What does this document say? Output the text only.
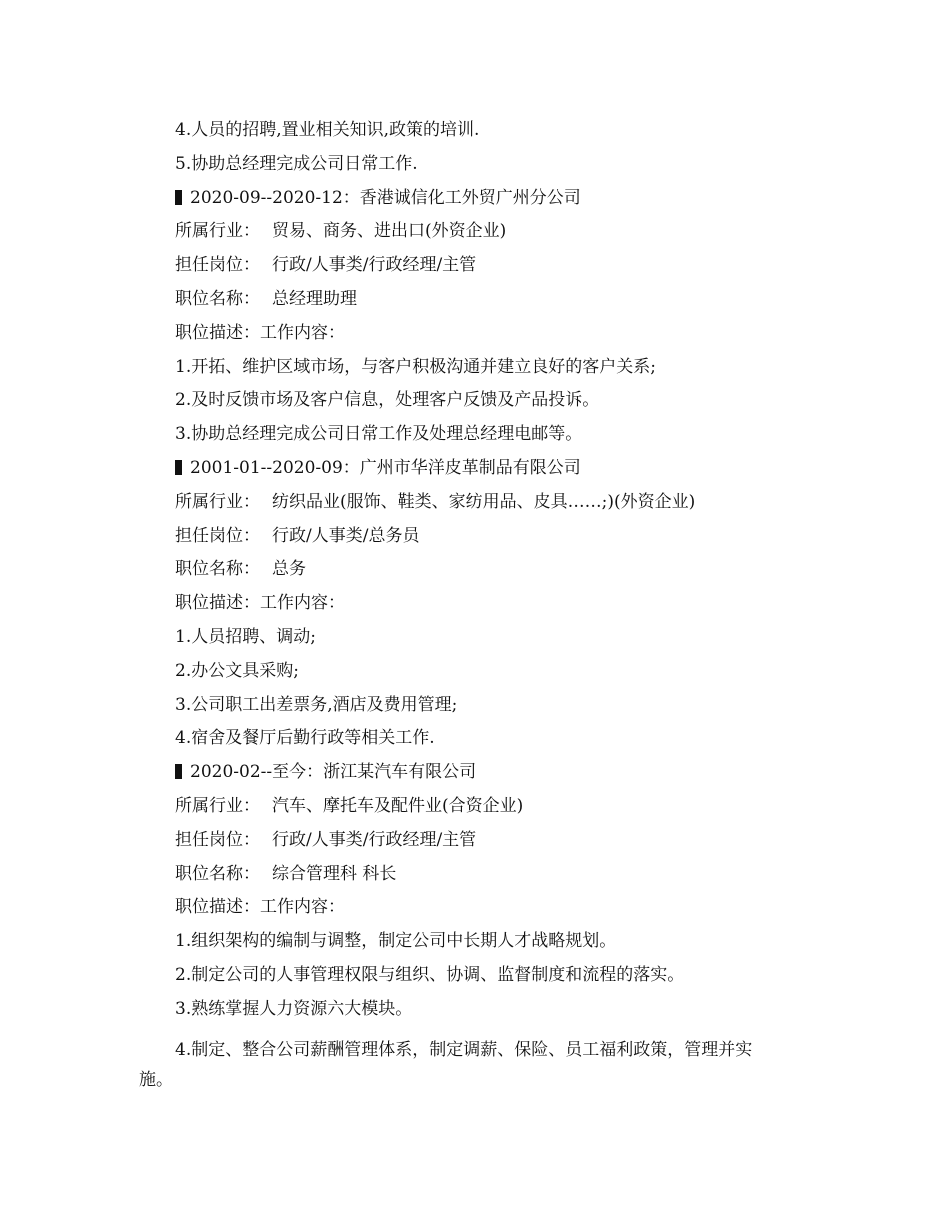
4.人员的招聘,置业相关知识,政策的培训.
5.协助总经理完成公司日常工作.
2020-09--2020-12：香港诚信化工外贸广州分公司
所属行业： 贸易、商务、进出口(外资企业)
担任岗位： 行政/人事类/行政经理/主管
职位名称： 总经理助理
职位描述：工作内容：
1.开拓、维护区域市场，与客户积极沟通并建立良好的客户关系;
2.及时反馈市场及客户信息，处理客户反馈及产品投诉。
3.协助总经理完成公司日常工作及处理总经理电邮等。
2001-01--2020-09：广州市华洋皮革制品有限公司
所属行业： 纺织品业(服饰、鞋类、家纺用品、皮具……;)(外资企业)
担任岗位： 行政/人事类/总务员
职位名称： 总务
职位描述：工作内容：
1.人员招聘、调动;
2.办公文具采购;
3.公司职工出差票务,酒店及费用管理;
4.宿舍及餐厅后勤行政等相关工作.
2020-02--至今：浙江某汽车有限公司
所属行业： 汽车、摩托车及配件业(合资企业)
担任岗位： 行政/人事类/行政经理/主管
职位名称： 综合管理科 科长
职位描述：工作内容：
1.组织架构的编制与调整，制定公司中长期人才战略规划。
2.制定公司的人事管理权限与组织、协调、监督制度和流程的落实。
3.熟练掌握人力资源六大模块。
4.制定、整合公司薪酬管理体系，制定调薪、保险、员工福利政策，管理并实
施。
